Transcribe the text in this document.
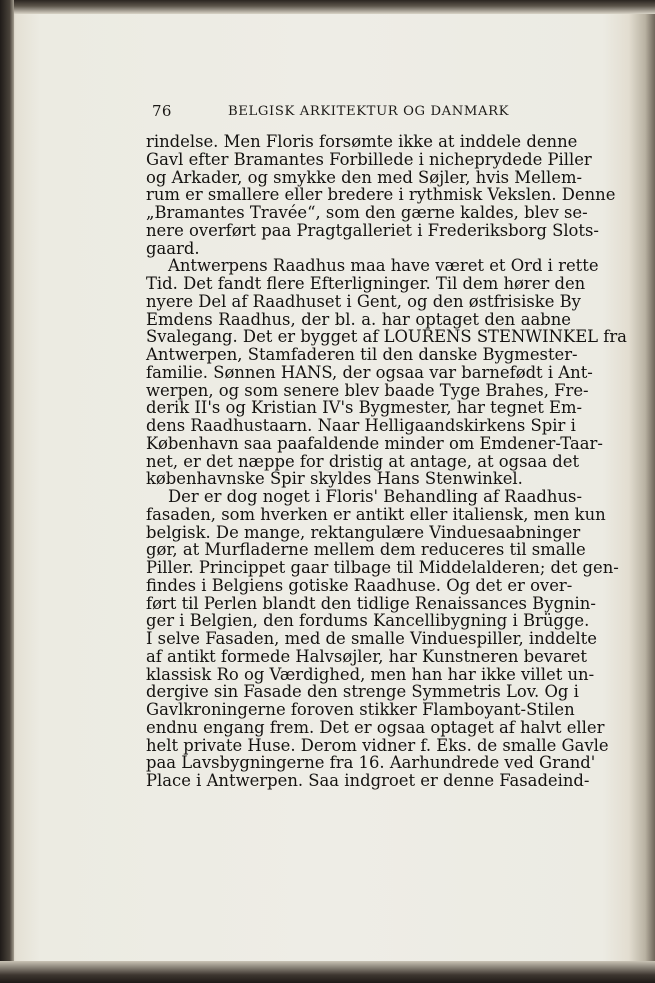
76	BELGISK ARKITEKTUR OG DANMARK
rindelse. Men Floris forsømte ikke at inddele denne
Gavl efter Bramantes Forbillede i nicheprydede Piller
og Arkader, og smykke den med Søjler, hvis Mellem-
rum er smallere eller bredere i rythmisk Vekslen. Denne
„Bramantes Travée“, som den gærne kaldes, blev se-
nere overført paa Pragtgalleriet i Frederiksborg Slots-
gaard.
Antwerpens Raadhus maa have været et Ord i rette
Tid. Det fandt flere Efterligninger. Til dem hører den
nyere Del af Raadhuset i Gent, og den østfrisiske By
Emdens Raadhus, der bl. a. har optaget den aabne
Svalegang. Det er bygget af LOURENS STENWINKEL fra
Antwerpen, Stamfaderen til den danske Bygmester-
familie. Sønnen HANS, der ogsaa var barnefødt i Ant-
werpen, og som senere blev baade Tyge Brahes, Fre-
derik II's og Kristian IV's Bygmester, har tegnet Em-
dens Raadhustaarn. Naar Helligaandskirkens Spir i
København saa paafaldende minder om Emdener-Taar-
net, er det næppe for dristig at antage, at ogsaa det
københavnske Spir skyldes Hans Stenwinkel.
Der er dog noget i Floris' Behandling af Raadhus-
fasaden, som hverken er antikt eller italiensk, men kun
belgisk. De mange, rektangulære Vinduesaabninger
gør, at Murfladerne mellem dem reduceres til smalle
Piller. Princippet gaar tilbage til Middelalderen; det gen-
findes i Belgiens gotiske Raadhuse. Og det er over-
ført til Perlen blandt den tidlige Renaissances Bygnin-
ger i Belgien, den fordums Kancellibygning i Brügge.
I selve Fasaden, med de smalle Vinduespiller, inddelte
af antikt formede Halvsøjler, har Kunstneren bevaret
klassisk Ro og Værdighed, men han har ikke villet un-
dergive sin Fasade den strenge Symmetris Lov. Og i
Gavlkroningerne foroven stikker Flamboyant-Stilen
endnu engang frem. Det er ogsaa optaget af halvt eller
helt private Huse. Derom vidner f. Eks. de smalle Gavle
paa Lavsbygningerne fra 16. Aarhundrede ved Grand'
Place i Antwerpen. Saa indgroet er denne Fasadeind-
